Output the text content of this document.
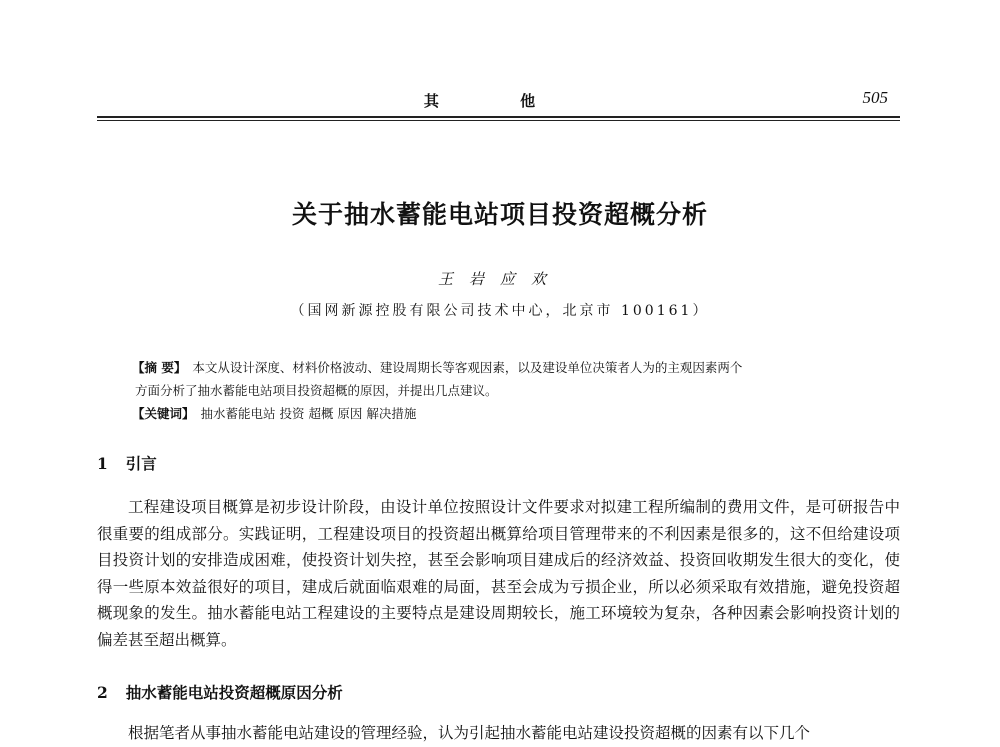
其 他	505
关于抽水蓄能电站项目投资超概分析
王岩应欢
（国网新源控股有限公司技术中心，北京市 100161）
【摘 要】 本文从设计深度、材料价格波动、建设周期长等客观因素，以及建设单位决策者人为的主观因素两个
方面分析了抽水蓄能电站项目投资超概的原因，并提出几点建议。
【关键词】 抽水蓄能电站 投资 超概 原因 解决措施
1 引言

工程建设项目概算是初步设计阶段，由设计单位按照设计文件要求对拟建工程所编制的费用文件，是可研报告中很重要的组成部分。实践证明，工程建设项目的投资超出概算给项目管理带来的不利因素是很多的，这不但给建设项目投资计划的安排造成困难，使投资计划失控，甚至会影响项目建成后的经济效益、投资回收期发生很大的变化，使得一些原本效益很好的项目，建成后就面临艰难的局面，甚至会成为亏损企业，所以必须采取有效措施，避免投资超概现象的发生。抽水蓄能电站工程建设的主要特点是建设周期较长，施工环境较为复杂，各种因素会影响投资计划的偏差甚至超出概算。

2 抽水蓄能电站投资超概原因分析

根据笔者从事抽水蓄能电站建设的管理经验，认为引起抽水蓄能电站建设投资超概的因素有以下几个
